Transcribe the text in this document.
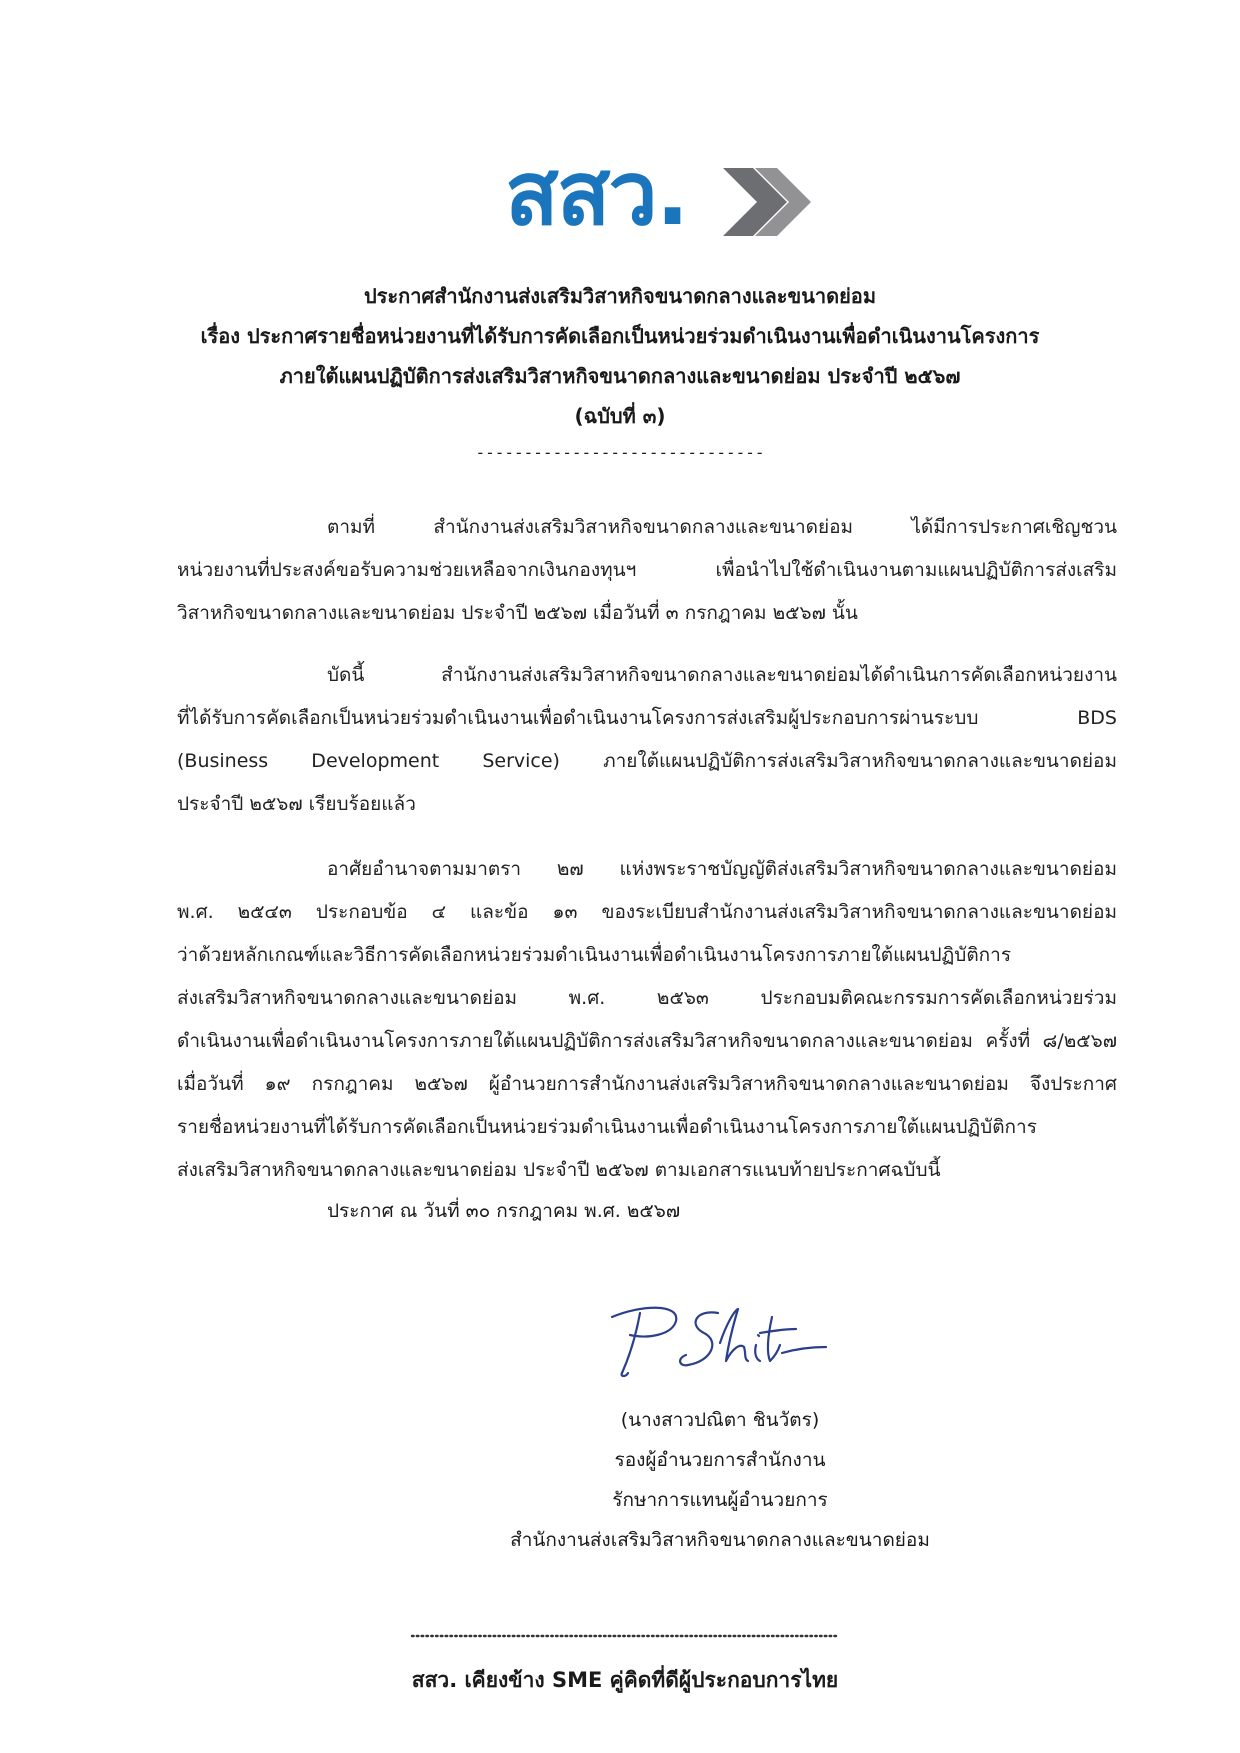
สสว.
ประกาศสำนักงานส่งเสริมวิสาหกิจขนาดกลางและขนาดย่อม
เรื่อง ประกาศรายชื่อหน่วยงานที่ได้รับการคัดเลือกเป็นหน่วยร่วมดำเนินงานเพื่อดำเนินงานโครงการ
ภายใต้แผนปฏิบัติการส่งเสริมวิสาหกิจขนาดกลางและขนาดย่อม ประจำปี ๒๕๖๗
(ฉบับที่ ๓)
------------------------------
ตามที่ สำนักงานส่งเสริมวิสาหกิจขนาดกลางและขนาดย่อม ได้มีการประกาศเชิญชวน
หน่วยงานที่ประสงค์ขอรับความช่วยเหลือจากเงินกองทุนฯ เพื่อนำไปใช้ดำเนินงานตามแผนปฏิบัติการส่งเสริม
วิสาหกิจขนาดกลางและขนาดย่อม ประจำปี ๒๕๖๗ เมื่อวันที่ ๓ กรกฎาคม ๒๕๖๗ นั้น
บัดนี้ สำนักงานส่งเสริมวิสาหกิจขนาดกลางและขนาดย่อมได้ดำเนินการคัดเลือกหน่วยงาน
ที่ได้รับการคัดเลือกเป็นหน่วยร่วมดำเนินงานเพื่อดำเนินงานโครงการส่งเสริมผู้ประกอบการผ่านระบบ BDS
(Business Development Service) ภายใต้แผนปฏิบัติการส่งเสริมวิสาหกิจขนาดกลางและขนาดย่อม
ประจำปี ๒๕๖๗ เรียบร้อยแล้ว
อาศัยอำนาจตามมาตรา ๒๗ แห่งพระราชบัญญัติส่งเสริมวิสาหกิจขนาดกลางและขนาดย่อม
พ.ศ. ๒๕๔๓ ประกอบข้อ ๔ และข้อ ๑๓ ของระเบียบสำนักงานส่งเสริมวิสาหกิจขนาดกลางและขนาดย่อม
ว่าด้วยหลักเกณฑ์และวิธีการคัดเลือกหน่วยร่วมดำเนินงานเพื่อดำเนินงานโครงการภายใต้แผนปฏิบัติการ
ส่งเสริมวิสาหกิจขนาดกลางและขนาดย่อม พ.ศ. ๒๕๖๓ ประกอบมติคณะกรรมการคัดเลือกหน่วยร่วม
ดำเนินงานเพื่อดำเนินงานโครงการภายใต้แผนปฏิบัติการส่งเสริมวิสาหกิจขนาดกลางและขนาดย่อม ครั้งที่ ๘/๒๕๖๗
เมื่อวันที่ ๑๙ กรกฎาคม ๒๕๖๗ ผู้อำนวยการสำนักงานส่งเสริมวิสาหกิจขนาดกลางและขนาดย่อม จึงประกาศ
รายชื่อหน่วยงานที่ได้รับการคัดเลือกเป็นหน่วยร่วมดำเนินงานเพื่อดำเนินงานโครงการภายใต้แผนปฏิบัติการ
ส่งเสริมวิสาหกิจขนาดกลางและขนาดย่อม ประจำปี ๒๕๖๗ ตามเอกสารแนบท้ายประกาศฉบับนี้
ประกาศ ณ วันที่ ๓๐ กรกฎาคม พ.ศ. ๒๕๖๗
(นางสาวปณิตา ชินวัตร)
รองผู้อำนวยการสำนักงาน
รักษาการแทนผู้อำนวยการ
สำนักงานส่งเสริมวิสาหกิจขนาดกลางและขนาดย่อม
สสว. เคียงข้าง SME คู่คิดที่ดีผู้ประกอบการไทย
